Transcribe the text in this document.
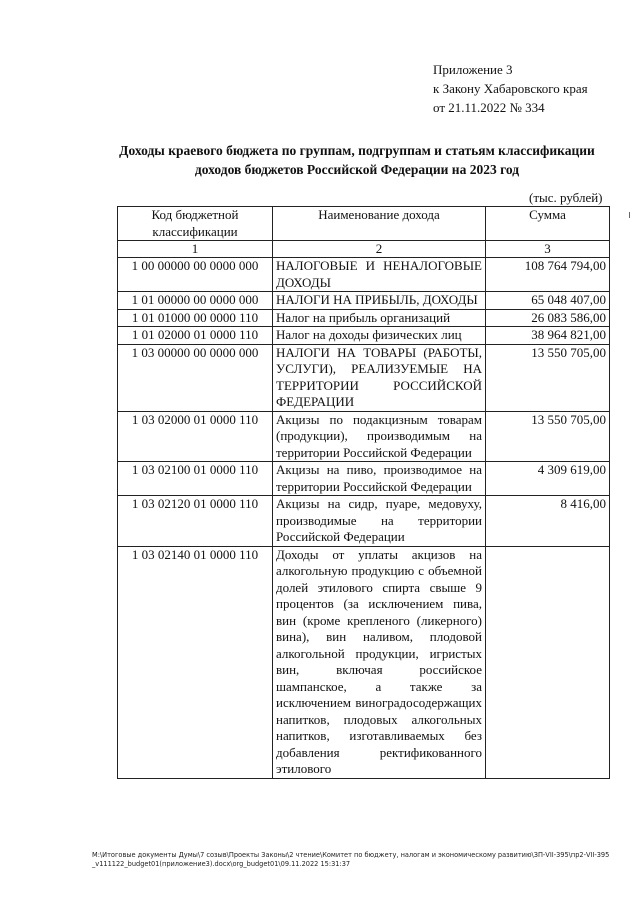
Приложение 3
к Закону Хабаровского края
от 21.11.2022 № 334
Доходы краевого бюджета по группам, подгруппам и статьям классификации доходов бюджетов Российской Федерации на 2023 год
(тыс. рублей)
Код бюджетной классификации	Наименование дохода	Сумма
1	2	3
1 00 00000 00 0000 000	НАЛОГОВЫЕ И НЕНАЛОГОВЫЕ ДОХОДЫ	108 764 794,00
1 01 00000 00 0000 000	НАЛОГИ НА ПРИБЫЛЬ, ДОХОДЫ	65 048 407,00
1 01 01000 00 0000 110	Налог на прибыль организаций	26 083 586,00
1 01 02000 01 0000 110	Налог на доходы физических лиц	38 964 821,00
1 03 00000 00 0000 000	НАЛОГИ НА ТОВАРЫ (РАБОТЫ, УСЛУГИ), РЕАЛИЗУЕМЫЕ НА ТЕРРИТОРИИ РОССИЙСКОЙ ФЕДЕРАЦИИ	13 550 705,00
1 03 02000 01 0000 110	Акцизы по подакцизным товарам (продукции), производимым на территории Российской Федерации	13 550 705,00
1 03 02100 01 0000 110	Акцизы на пиво, производимое на территории Российской Федерации	4 309 619,00
1 03 02120 01 0000 110	Акцизы на сидр, пуаре, медовуху, производимые на территории Российской Федерации	8 416,00
1 03 02140 01 0000 110	Доходы от уплаты акцизов на алкогольную продукцию с объемной долей этилового спирта свыше 9 процентов (за исключением пива, вин (кроме крепленого (ликерного) вина), вин наливом, плодовой алкогольной продукции, игристых вин, включая российское шампанское, а также за исключением виноградосодержащих напитков, плодовых алкогольных напитков, изготавливаемых без добавления ректификованного этилового	

М:\Итоговые документы Думы\7 созыв\Проекты Законы\2 чтение\Комитет по бюджету, налогам и экономическому развитию\ЗП-VII-395\пр2-VII-395_v111122_budget01(приложение3).docx\org_budget01\09.11.2022 15:31:37
